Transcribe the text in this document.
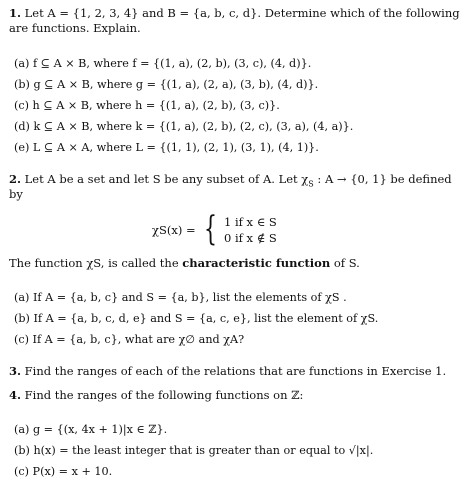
1. Let A = {1, 2, 3, 4} and B = {a, b, c, d}. Determine which of the following
are functions. Explain.
(a) f ⊆ A × B, where f = {(1, a), (2, b), (3, c), (4, d)}.
(b) g ⊆ A × B, where g = {(1, a), (2, a), (3, b), (4, d)}.
(c) h ⊆ A × B, where h = {(1, a), (2, b), (3, c)}.
(d) k ⊆ A × B, where k = {(1, a), (2, b), (2, c), (3, a), (4, a)}.
(e) L ⊆ A × A, where L = {(1, 1), (2, 1), (3, 1), (4, 1)}.
2. Let A be a set and let S be any subset of A. Let $\chi_S$ : A → {0, 1} be defined
by
χS(x) = { 1 if x ∈ S
0 if x ∉ S
The function χS, is called the characteristic function of S.
(a) If A = {a, b, c} and S = {a, b}, list the elements of χS .
(b) If A = {a, b, c, d, e} and S = {a, c, e}, list the element of χS.
(c) If A = {a, b, c}, what are χ∅ and χA?
3. Find the ranges of each of the relations that are functions in Exercise 1.
4. Find the ranges of the following functions on ℤ:
(a) g = {(x, 4x + 1)|x ∈ ℤ}.
(b) h(x) = the least integer that is greater than or equal to √|x|.
(c) P(x) = x + 10.
